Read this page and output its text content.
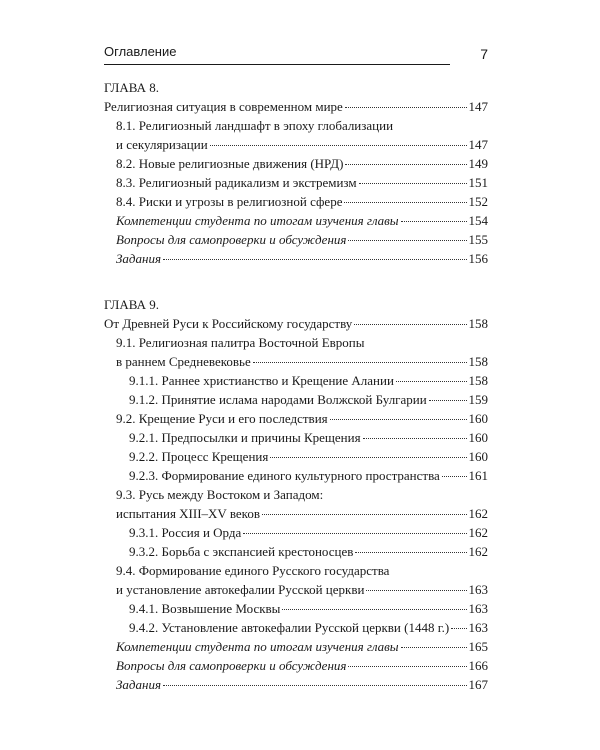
Оглавление	7
ГЛАВА 8.
Религиозная ситуация в современном мире	147
8.1. Религиозный ландшафт в эпоху глобализации
и секуляризации	147
8.2. Новые религиозные движения (НРД)	149
8.3. Религиозный радикализм и экстремизм	151
8.4. Риски и угрозы в религиозной сфере	152
Компетенции студента по итогам изучения главы	154
Вопросы для самопроверки и обсуждения	155
Задания	156
ГЛАВА 9.
От Древней Руси к Российскому государству	158
9.1. Религиозная палитра Восточной Европы
в раннем Средневековье	158
9.1.1. Раннее христианство и Крещение Алании	158
9.1.2. Принятие ислама народами Волжской Булгарии	159
9.2. Крещение Руси и его последствия	160
9.2.1. Предпосылки и причины Крещения	160
9.2.2. Процесс Крещения	160
9.2.3. Формирование единого культурного пространства 161
9.3. Русь между Востоком и Западом:
испытания XIII–XV веков	162
9.3.1. Россия и Орда	162
9.3.2. Борьба с экспансией крестоносцев	162
9.4. Формирование единого Русского государства
и установление автокефалии Русской церкви	163
9.4.1. Возвышение Москвы	163
9.4.2. Установление автокефалии Русской церкви (1448 г.) 163
Компетенции студента по итогам изучения главы	165
Вопросы для самопроверки и обсуждения	166
Задания	167
